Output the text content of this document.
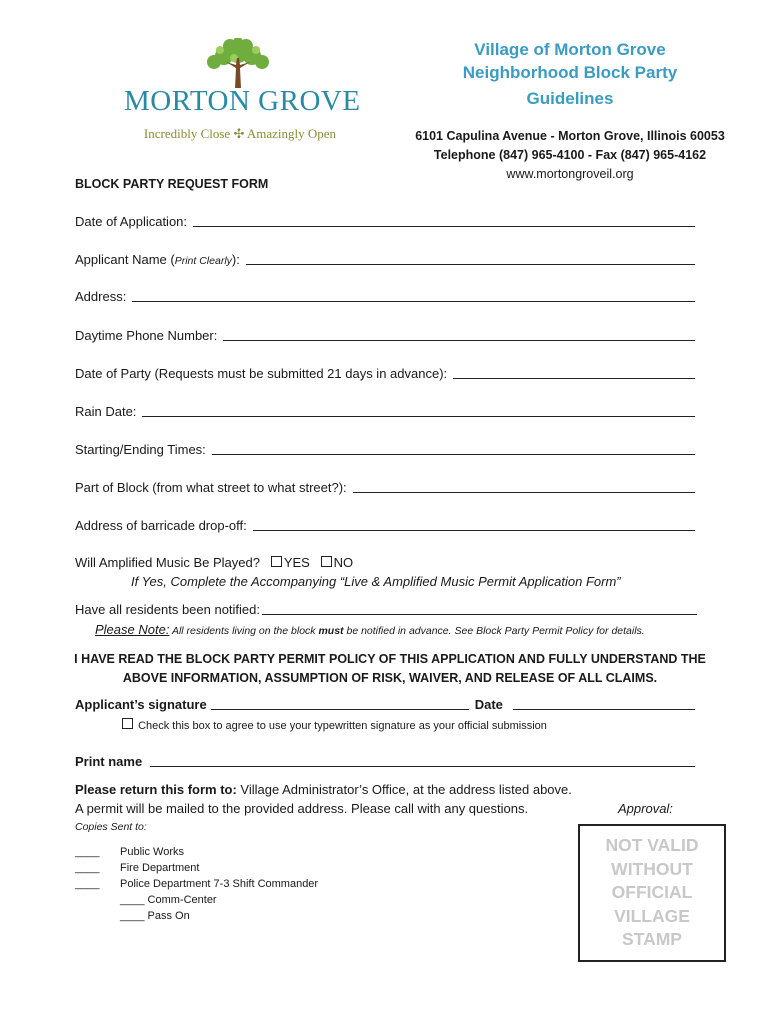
MORTON GROVE
Incredibly Close ✣ Amazingly Open
Village of Morton Grove
Neighborhood Block Party
Guidelines
6101 Capulina Avenue - Morton Grove, Illinois 60053
Telephone (847) 965-4100 - Fax (847) 965-4162
www.mortongroveil.org
BLOCK PARTY REQUEST FORM
Date of Application:
Applicant Name (Print Clearly):
Address:
Daytime Phone Number:
Date of Party (Requests must be submitted 21 days in advance):
Rain Date:
Starting/Ending Times:
Part of Block (from what street to what street?):
Address of barricade drop-off:
Will Amplified Music Be Played? YES NO
If Yes, Complete the Accompanying “Live & Amplified Music Permit Application Form”
Have all residents been notified:
Please Note: All residents living on the block must be notified in advance. See Block Party Permit Policy for details.
I HAVE READ THE BLOCK PARTY PERMIT POLICY OF THIS APPLICATION AND FULLY UNDERSTAND THE
ABOVE INFORMATION, ASSUMPTION OF RISK, WAIVER, AND RELEASE OF ALL CLAIMS.
Applicant’s signature	Date
Check this box to agree to use your typewritten signature as your official submission
Print name
Please return this form to: Village Administrator’s Office, at the address listed above.
A permit will be mailed to the provided address. Please call with any questions.	Approval:
Copies Sent to:
____ Public Works
____ Fire Department
____ Police Department 7-3 Shift Commander
____ Comm-Center
____ Pass On
NOT VALID WITHOUT OFFICIAL VILLAGE STAMP
